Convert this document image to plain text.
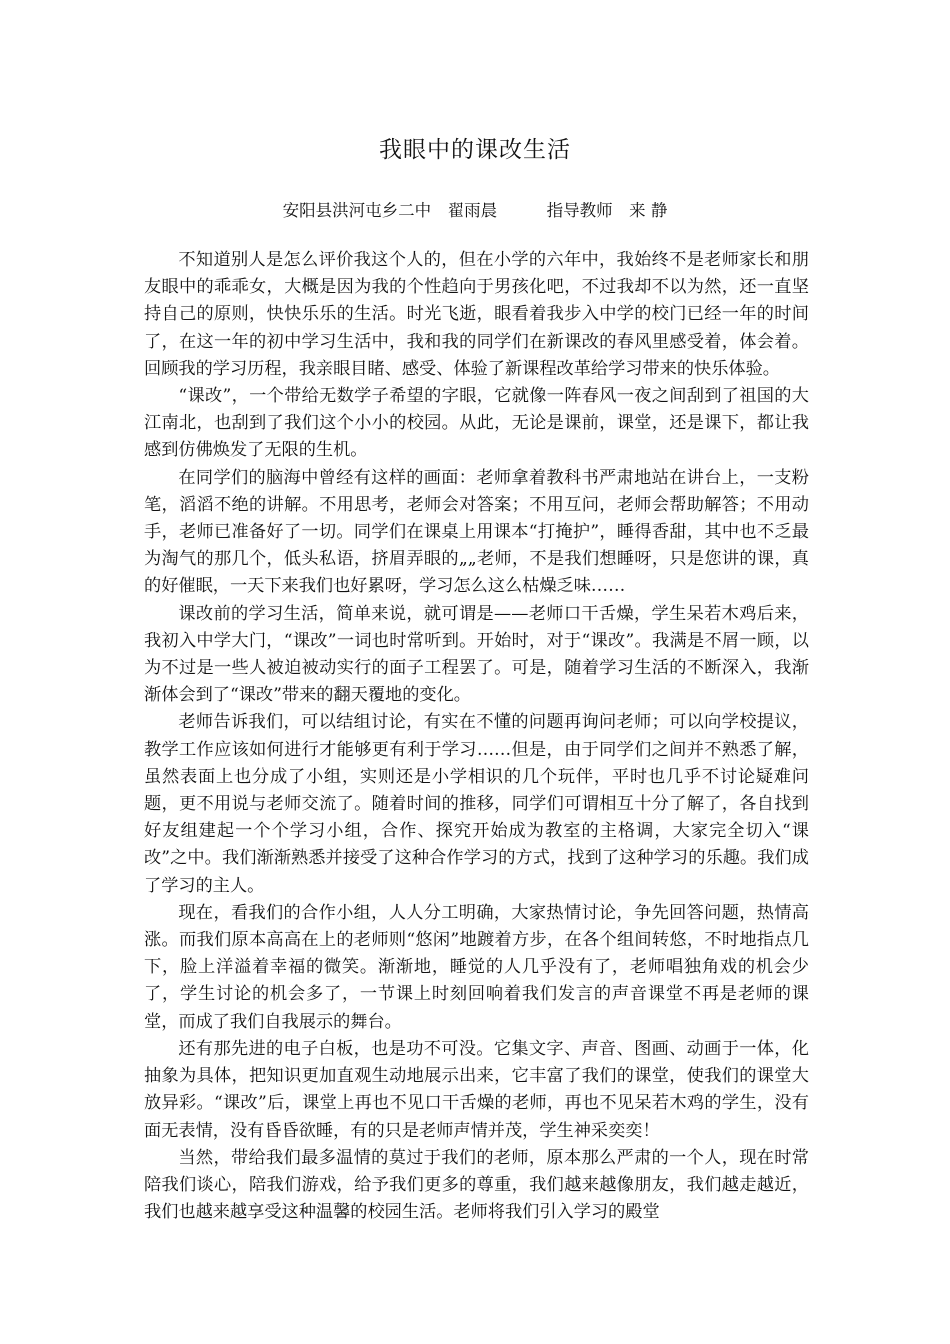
我眼中的课改生活
安阳县洪河屯乡二中　翟雨晨　　　指导教师　来 静

不知道别人是怎么评价我这个人的，但在小学的六年中，我始终不是老师家长和朋友眼中的乖乖女，大概是因为我的个性趋向于男孩化吧，不过我却不以为然，还一直坚持自己的原则，快快乐乐的生活。时光飞逝，眼看着我步入中学的校门已经一年的时间了，在这一年的初中学习生活中，我和我的同学们在新课改的春风里感受着，体会着。回顾我的学习历程，我亲眼目睹、感受、体验了新课程改革给学习带来的快乐体验。

“课改”，一个带给无数学子希望的字眼，它就像一阵春风一夜之间刮到了祖国的大江南北，也刮到了我们这个小小的校园。从此，无论是课前，课堂，还是课下，都让我感到仿佛焕发了无限的生机。

在同学们的脑海中曾经有这样的画面：老师拿着教科书严肃地站在讲台上，一支粉笔，滔滔不绝的讲解。不用思考，老师会对答案；不用互问，老师会帮助解答；不用动手，老师已准备好了一切。同学们在课桌上用课本“打掩护”，睡得香甜，其中也不乏最为淘气的那几个，低头私语，挤眉弄眼的„„老师，不是我们想睡呀，只是您讲的课，真的好催眠，一天下来我们也好累呀，学习怎么这么枯燥乏味……

课改前的学习生活，简单来说，就可谓是——老师口干舌燥，学生呆若木鸡后来，我初入中学大门，“课改”一词也时常听到。开始时，对于“课改”。我满是不屑一顾，以为不过是一些人被迫被动实行的面子工程罢了。可是，随着学习生活的不断深入，我渐渐体会到了“课改”带来的翻天覆地的变化。

老师告诉我们，可以结组讨论，有实在不懂的问题再询问老师；可以向学校提议，教学工作应该如何进行才能够更有利于学习……但是，由于同学们之间并不熟悉了解，虽然表面上也分成了小组，实则还是小学相识的几个玩伴，平时也几乎不讨论疑难问题，更不用说与老师交流了。随着时间的推移，同学们可谓相互十分了解了，各自找到好友组建起一个个学习小组，合作、探究开始成为教室的主格调，大家完全切入“课改”之中。我们渐渐熟悉并接受了这种合作学习的方式，找到了这种学习的乐趣。我们成了学习的主人。

现在，看我们的合作小组，人人分工明确，大家热情讨论，争先回答问题，热情高涨。而我们原本高高在上的老师则“悠闲”地踱着方步，在各个组间转悠，不时地指点几下，脸上洋溢着幸福的微笑。渐渐地，睡觉的人几乎没有了，老师唱独角戏的机会少了，学生讨论的机会多了，一节课上时刻回响着我们发言的声音课堂不再是老师的课堂，而成了我们自我展示的舞台。

还有那先进的电子白板，也是功不可没。它集文字、声音、图画、动画于一体，化抽象为具体，把知识更加直观生动地展示出来，它丰富了我们的课堂，使我们的课堂大放异彩。“课改”后，课堂上再也不见口干舌燥的老师，再也不见呆若木鸡的学生，没有面无表情，没有昏昏欲睡，有的只是老师声情并茂，学生神采奕奕！

当然，带给我们最多温情的莫过于我们的老师，原本那么严肃的一个人，现在时常陪我们谈心，陪我们游戏，给予我们更多的尊重，我们越来越像朋友，我们越走越近，我们也越来越享受这种温馨的校园生活。老师将我们引入学习的殿堂
